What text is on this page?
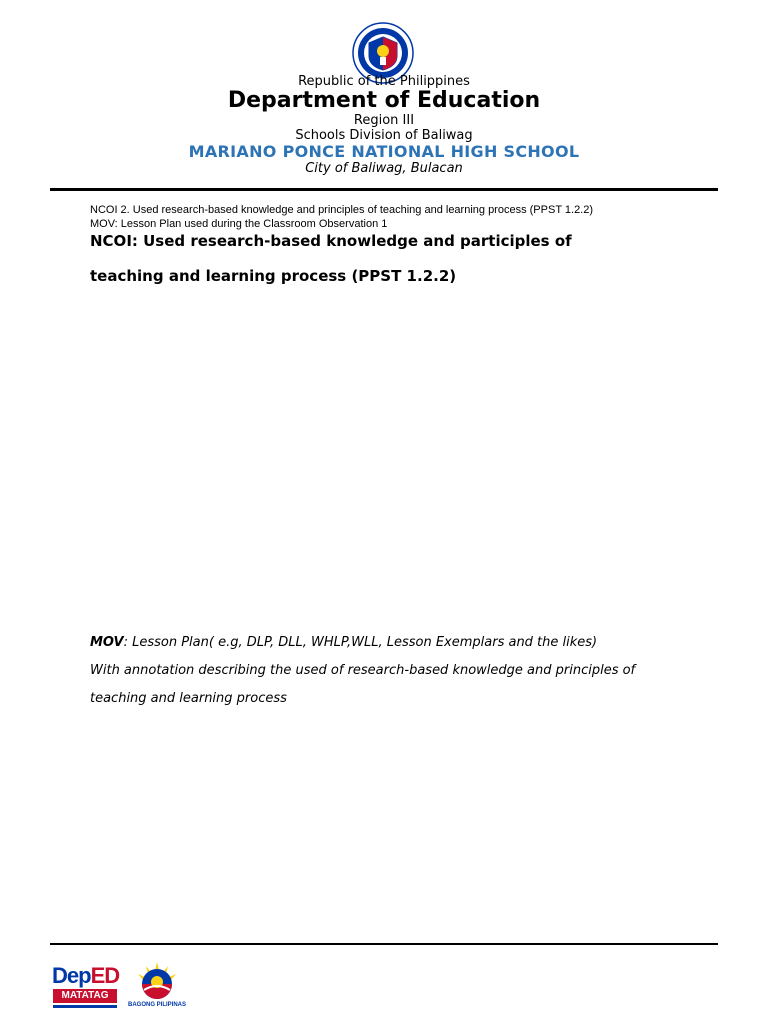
Republic of the Philippines
Department of Education
Region III
Schools Division of Baliwag
MARIANO PONCE NATIONAL HIGH SCHOOL
City of Baliwag, Bulacan
NCOI 2. Used research-based knowledge and principles of teaching and learning process (PPST 1.2.2)
MOV: Lesson Plan used during the Classroom Observation 1
NCOI: Used research-based knowledge and participles of
teaching and learning process (PPST 1.2.2)
MOV: Lesson Plan( e.g, DLP, DLL, WHLP,WLL, Lesson Exemplars and the likes)
With annotation describing the used of research-based knowledge and principles of
teaching and learning process
DepED
MATATAG
BAGONG PILIPINAS
